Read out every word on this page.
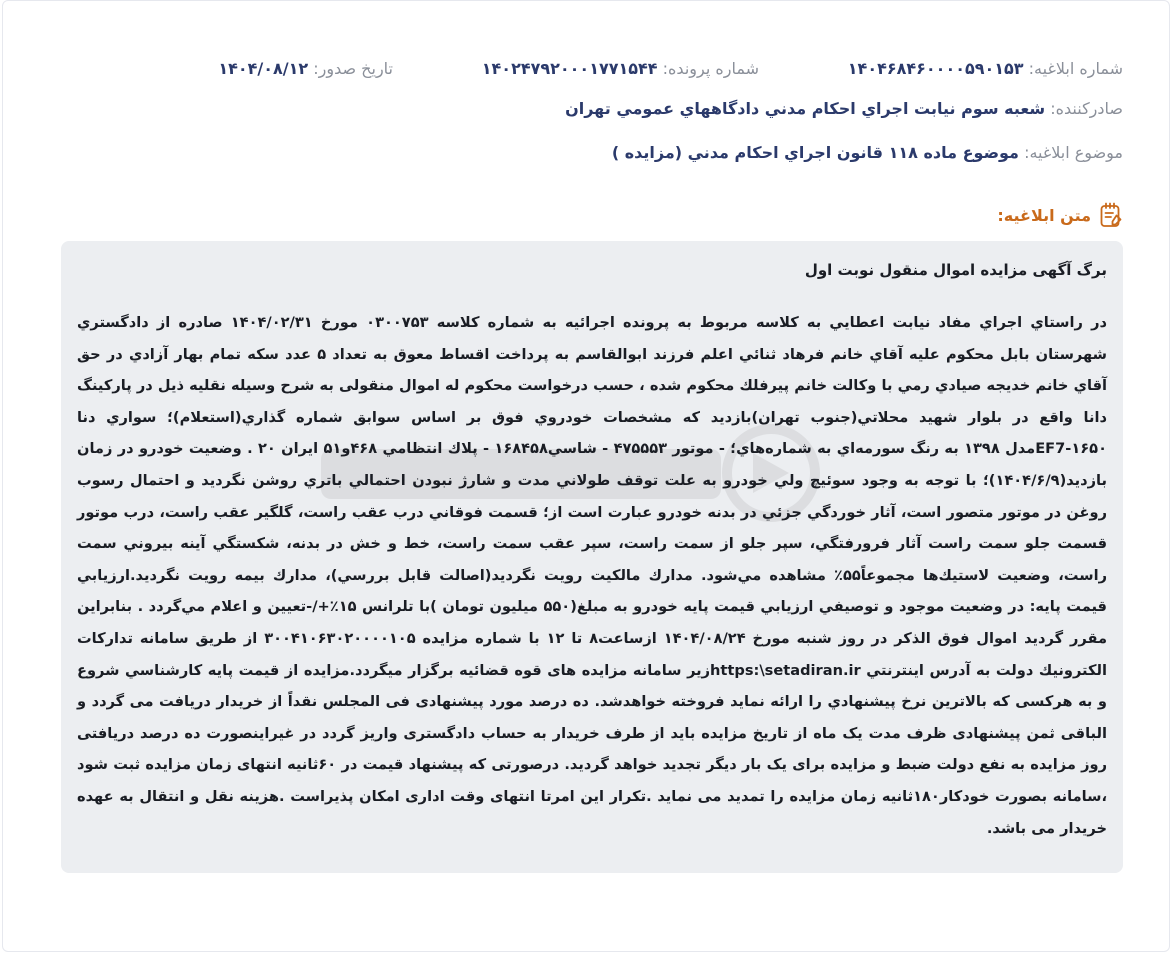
شماره ابلاغیه: ۱۴۰۴۶۸۴۶۰۰۰۰۵۹۰۱۵۳
شماره پرونده: ۱۴۰۲۴۷۹۲۰۰۰۱۷۷۱۵۴۴
تاریخ صدور: ۱۴۰۴/۰۸/۱۲
صادرکننده: شعبه سوم نيابت اجراي احكام مدني دادگاههاي عمومي تهران
موضوع ابلاغیه: موضوع ماده ۱۱۸ قانون اجراي احكام مدني (مزايده )
متن ابلاغیه:
برگ آگهی مزایده اموال منقول نوبت اول
در راستاي اجراي مفاد نيابت اعطايي به كلاسه مربوط به پرونده اجرائيه به شماره كلاسه ۰۳۰۰۷۵۳ مورخ ۱۴۰۴/۰۲/۳۱ صادره از دادگستري شهرستان بابل محكوم عليه آقاي خانم فرهاد ثنائي اعلم فرزند ابوالقاسم به پرداخت اقساط معوق به تعداد ۵ عدد سكه تمام بهار آزادي در حق آقاي خانم خديجه صيادي رمي با وكالت خانم پيرفلك محكوم شده ، حسب درخواست محكوم له اموال منقولی به شرح وسيله نقليه ذيل در پاركينگ دانا واقع در بلوار شهيد محلاتي(جنوب تهران)بازديد كه مشخصات خودروي فوق بر اساس سوابق شماره گذاري(استعلام)؛ سواري دنا EF7-۱۶۵۰مدل ۱۳۹۸ به رنگ سورمه‌اي به شماره‌هاي؛ - موتور ۴۷۵۵۵۳ - شاسي۱۶۸۴۵۸ - پلاك انتظامي ۴۶۸و۵۱ ايران ۲۰ . وضعيت خودرو در زمان بازديد(۱۴۰۴/۶/۹)؛ با توجه به وجود سوئيچ ولي خودرو به علت توقف طولاني مدت و شارژ نبودن احتمالي باتري روشن نگرديد و احتمال رسوب روغن در موتور متصور است، آثار خوردگي جزئي در بدنه خودرو عبارت است از؛ قسمت فوقاني درب عقب راست، گلگير عقب راست، درب موتور قسمت جلو سمت راست آثار فرورفتگي، سپر جلو از سمت راست، سپر عقب سمت راست، خط و خش در بدنه، شكستگي آينه بيروني سمت راست، وضعيت لاستيك‌ها مجموعاً۵۵٪ مشاهده مي‌شود. مدارك مالكيت رويت نگرديد(اصالت قابل بررسي)، مدارك بيمه رويت نگرديد.ارزيابي قيمت پايه: در وضعيت موجود و توصيفي ارزيابي قيمت پايه خودرو به مبلغ(۵۵۰ ميليون تومان )با تلرانس ۱۵٪+/-تعيين و اعلام مي‌گردد . بنابراين مقرر گرديد اموال فوق الذكر در روز شنبه مورخ ۱۴۰۴/۰۸/۲۴ ازساعت۸ تا ۱۲ با شماره مزايده ۳۰۰۴۱۰۶۳۰۲۰۰۰۰۱۰۵ از طريق سامانه تداركات الكترونيك دولت به آدرس اينترنتي https:\setadiran.irزير سامانه مزايده های قوه قضائيه برگزار ميگردد.مزايده از قيمت پايه كارشناسي شروع و به هركسی كه بالاترين نرخ پيشنهادي را ارائه نمايد فروخته خواهدشد. ده درصد مورد پيشنهادی فی المجلس نقداً از خريدار دريافت می گردد و الباقی ثمن پيشنهادی ظرف مدت يک ماه از تاريخ مزايده بايد از طرف خريدار به حساب دادگستری واريز گردد در غيراينصورت ده درصد دريافتی روز مزايده به نفع دولت ضبط و مزايده برای يک بار ديگر تجديد خواهد گرديد. درصورتی كه پيشنهاد قيمت در ۶۰ثانيه انتهای زمان مزايده ثبت شود ،سامانه بصورت خودكار۱۸۰ثانيه زمان مزايده را تمديد می نمايد .تكرار اين امرتا انتهای وقت اداری امكان پذيراست .هزينه نقل و انتقال به عهده خريدار می باشد.
